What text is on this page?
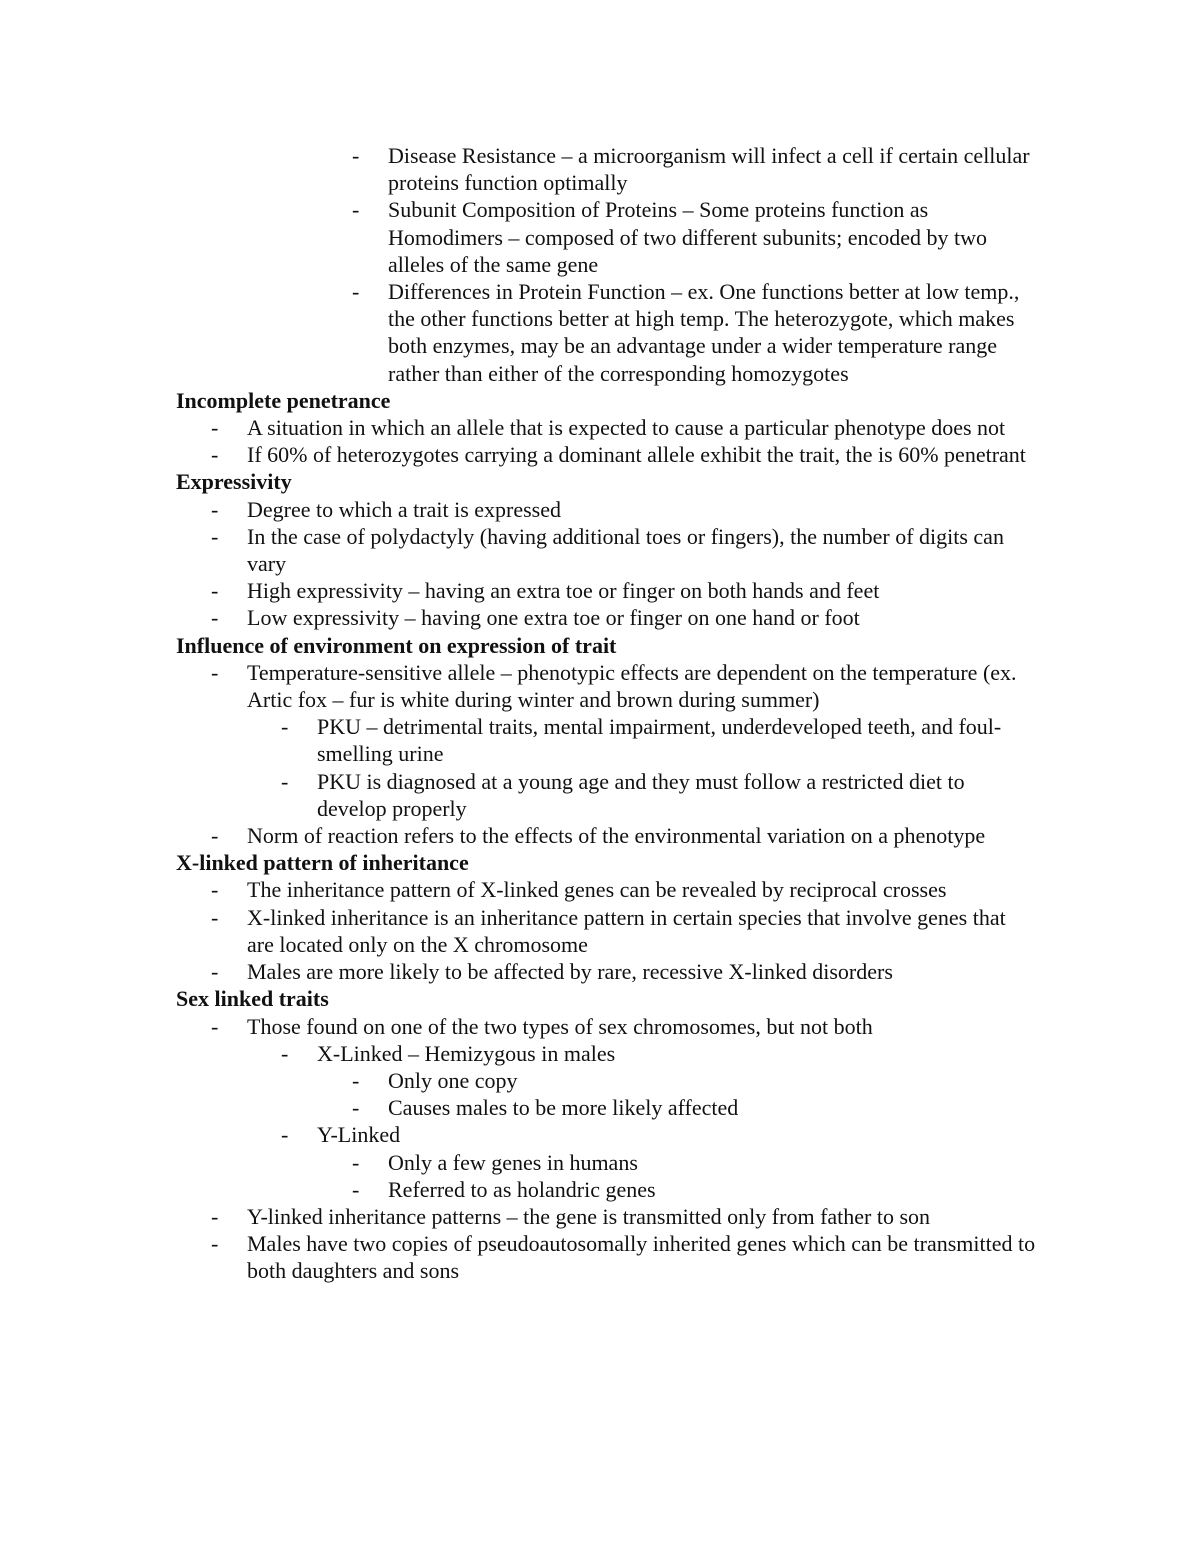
- Disease Resistance – a microorganism will infect a cell if certain cellular proteins function optimally
- Subunit Composition of Proteins – Some proteins function as Homodimers – composed of two different subunits; encoded by two alleles of the same gene
- Differences in Protein Function – ex. One functions better at low temp., the other functions better at high temp. The heterozygote, which makes both enzymes, may be an advantage under a wider temperature range rather than either of the corresponding homozygotes
Incomplete penetrance
- A situation in which an allele that is expected to cause a particular phenotype does not
- If 60% of heterozygotes carrying a dominant allele exhibit the trait, the is 60% penetrant
Expressivity
- Degree to which a trait is expressed
- In the case of polydactyly (having additional toes or fingers), the number of digits can vary
- High expressivity – having an extra toe or finger on both hands and feet
- Low expressivity – having one extra toe or finger on one hand or foot
Influence of environment on expression of trait
- Temperature-sensitive allele – phenotypic effects are dependent on the temperature (ex. Artic fox – fur is white during winter and brown during summer)
- PKU – detrimental traits, mental impairment, underdeveloped teeth, and foul-smelling urine
- PKU is diagnosed at a young age and they must follow a restricted diet to develop properly
- Norm of reaction refers to the effects of the environmental variation on a phenotype
X-linked pattern of inheritance
- The inheritance pattern of X-linked genes can be revealed by reciprocal crosses
- X-linked inheritance is an inheritance pattern in certain species that involve genes that are located only on the X chromosome
- Males are more likely to be affected by rare, recessive X-linked disorders
Sex linked traits
- Those found on one of the two types of sex chromosomes, but not both
- X-Linked – Hemizygous in males
- Only one copy
- Causes males to be more likely affected
- Y-Linked
- Only a few genes in humans
- Referred to as holandric genes
- Y-linked inheritance patterns – the gene is transmitted only from father to son
- Males have two copies of pseudoautosomally inherited genes which can be transmitted to both daughters and sons
